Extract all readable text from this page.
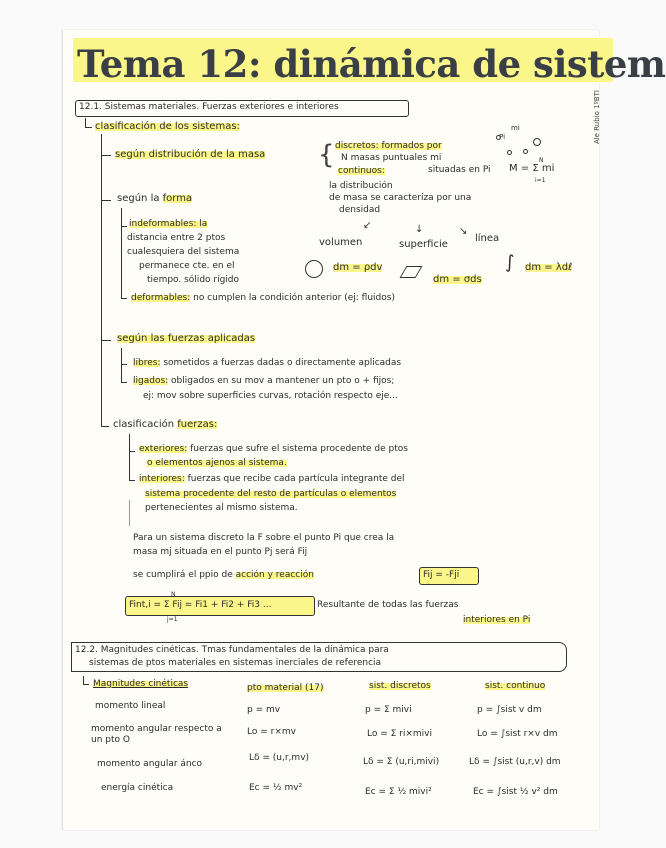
Tema 12: dinámica de sistem
Ale Rubio 1ºBTI
12.1. Sistemas materiales. Fuerzas exteriores e interiores
clasificación de los sistemas:
según distribución de la masa { discretos: formados por
N masas puntuales mi
situadas en Pi M = Σ mi
N
i=1
mi
Pi
continuos:
la distribución
de masa se caracteriza por una
densidad
volumen	superficie
línea
↙	↓	↘
dm = ρdv
dm = σds
∫ dm = λdℓ
según la forma
indeformables: la
distancia entre 2 ptos
cualesquiera del sistema
permanece cte. en el
tiempo. sólido rígido
deformables: no cumplen la condición anterior (ej: fluidos)
según las fuerzas aplicadas
libres: sometidos a fuerzas dadas o directamente aplicadas
ligados: obligados en su mov a mantener un pto o + fijos;
ej: mov sobre superficies curvas, rotación respecto eje...
clasificación fuerzas:
exteriores: fuerzas que sufre el sistema procedente de ptos
o elementos ajenos al sistema.
interiores: fuerzas que recibe cada partícula integrante del
sistema procedente del resto de partículas o elementos
pertenecientes al mismo sistema.
Para un sistema discreto la F sobre el punto Pi que crea la
masa mj situada en el punto Pj será Fij
se cumplirá el ppio de acción y reacción	Fij = -Fji
Fint,i = Σ Fij = Fi1 + Fi2 + Fi3 ...
N
j=1
Resultante de todas las fuerzas
interiores en Pi
12.2. Magnitudes cinéticas. Tmas fundamentales de la dinámica para
sistemas de ptos materiales en sistemas inerciales de referencia
Magnitudes cinéticas	pto material (17)	sist. discretos	sist. continuo
momento lineal	p = mv	p = Σ mivi	p = ∫sist v dm
momento angular respecto a un pto O
Lo = r×mv	Lo = Σ ri×mivi	Lo = ∫sist r×v dm
momento angular ánco
Lδ = (u,r,mv)	Lδ = Σ (u,ri,mivi)	Lδ = ∫sist (u,r,v) dm
energía cinética	Ec = ½ mv²	Ec = Σ ½ mivi²	Ec = ∫sist ½ v² dm
